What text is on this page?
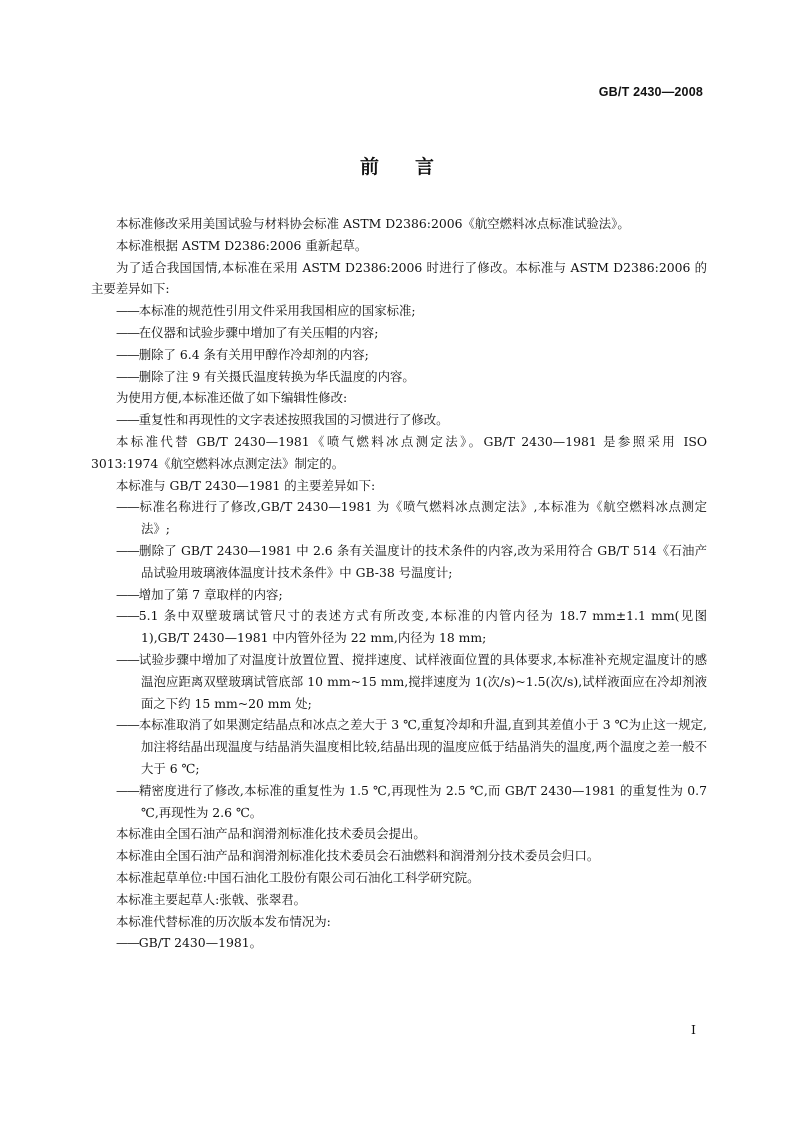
GB/T 2430—2008
前言

本标准修改采用美国试验与材料协会标准 ASTM D2386:2006《航空燃料冰点标准试验法》。

本标准根据 ASTM D2386:2006 重新起草。

为了适合我国国情,本标准在采用 ASTM D2386:2006 时进行了修改。本标准与 ASTM D2386:2006 的主要差异如下:

——本标准的规范性引用文件采用我国相应的国家标准;

——在仪器和试验步骤中增加了有关压帽的内容;

——删除了 6.4 条有关用甲醇作冷却剂的内容;

——删除了注 9 有关摄氏温度转换为华氏温度的内容。

为使用方便,本标准还做了如下编辑性修改:

——重复性和再现性的文字表述按照我国的习惯进行了修改。

本标准代替 GB/T 2430—1981《喷气燃料冰点测定法》。GB/T 2430—1981 是参照采用 ISO 3013:1974《航空燃料冰点测定法》制定的。

本标准与 GB/T 2430—1981 的主要差异如下:

——标准名称进行了修改,GB/T 2430—1981 为《喷气燃料冰点测定法》,本标准为《航空燃料冰点测定法》;

——删除了 GB/T 2430—1981 中 2.6 条有关温度计的技术条件的内容,改为采用符合 GB/T 514《石油产品试验用玻璃液体温度计技术条件》中 GB-38 号温度计;

——增加了第 7 章取样的内容;

——5.1 条中双壁玻璃试管尺寸的表述方式有所改变,本标准的内管内径为 18.7 mm±1.1 mm(见图 1),GB/T 2430—1981 中内管外径为 22 mm,内径为 18 mm;

——试验步骤中增加了对温度计放置位置、搅拌速度、试样液面位置的具体要求,本标准补充规定温度计的感温泡应距离双壁玻璃试管底部 10 mm~15 mm,搅拌速度为 1(次/s)~1.5(次/s),试样液面应在冷却剂液面之下约 15 mm~20 mm 处;

——本标准取消了如果测定结晶点和冰点之差大于 3 ℃,重复冷却和升温,直到其差值小于 3 ℃为止这一规定,加注将结晶出现温度与结晶消失温度相比较,结晶出现的温度应低于结晶消失的温度,两个温度之差一般不大于 6 ℃;

——精密度进行了修改,本标准的重复性为 1.5 ℃,再现性为 2.5 ℃,而 GB/T 2430—1981 的重复性为 0.7 ℃,再现性为 2.6 ℃。

本标准由全国石油产品和润滑剂标准化技术委员会提出。

本标准由全国石油产品和润滑剂标准化技术委员会石油燃料和润滑剂分技术委员会归口。

本标准起草单位:中国石油化工股份有限公司石油化工科学研究院。

本标准主要起草人:张戟、张翠君。

本标准代替标准的历次版本发布情况为:

——GB/T 2430—1981。

I
